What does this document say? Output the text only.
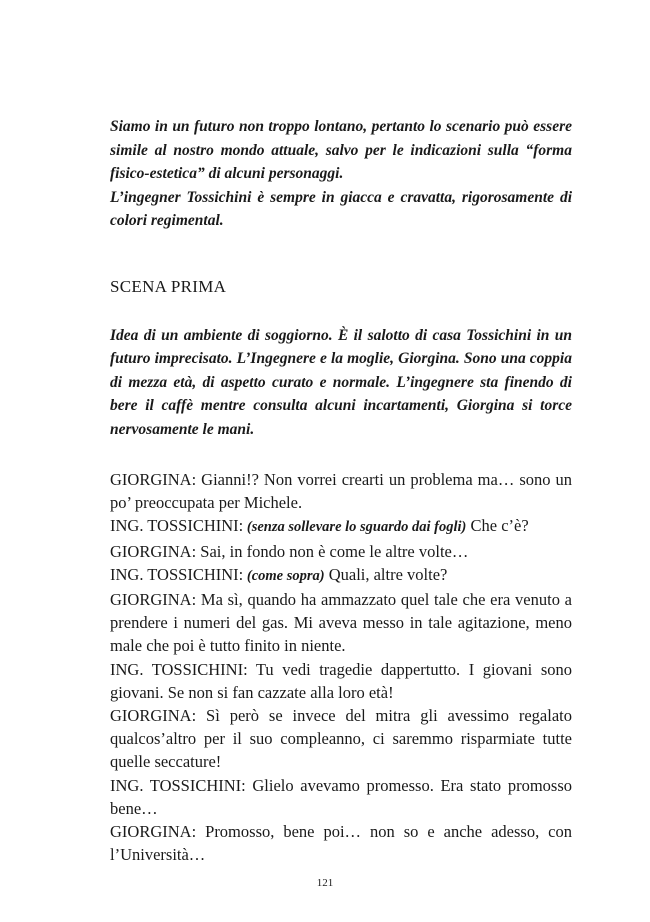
Siamo in un futuro non troppo lontano, pertanto lo scenario può essere simile al nostro mondo attuale, salvo per le indicazioni sulla “forma fisico-estetica” di alcuni personaggi.

L’ingegner Tossichini è sempre in giacca e cravatta, rigorosamente di colori regimental.

SCENA PRIMA

Idea di un ambiente di soggiorno. È il salotto di casa Tossichini in un futuro imprecisato. L’Ingegnere e la moglie, Giorgina. Sono una coppia di mezza età, di aspetto curato e normale. L’ingegnere sta finendo di bere il caffè mentre consulta alcuni incartamenti, Giorgina si torce nervosamente le mani.

GIORGINA: Gianni!? Non vorrei crearti un problema ma… sono un po’ preoccupata per Michele.

ING. TOSSICHINI: (senza sollevare lo sguardo dai fogli) Che c’è?

GIORGINA: Sai, in fondo non è come le altre volte…

ING. TOSSICHINI: (come sopra) Quali, altre volte?

GIORGINA: Ma sì, quando ha ammazzato quel tale che era venuto a prendere i numeri del gas. Mi aveva messo in tale agitazione, meno male che poi è tutto finito in niente.

ING. TOSSICHINI: Tu vedi tragedie dappertutto. I giovani sono giovani. Se non si fan cazzate alla loro età!

GIORGINA: Sì però se invece del mitra gli avessimo regalato qualcos’altro per il suo compleanno, ci saremmo risparmiate tutte quelle seccature!

ING. TOSSICHINI: Glielo avevamo promesso. Era stato promosso bene…

GIORGINA: Promosso, bene poi… non so e anche adesso, con l’Università…

121
